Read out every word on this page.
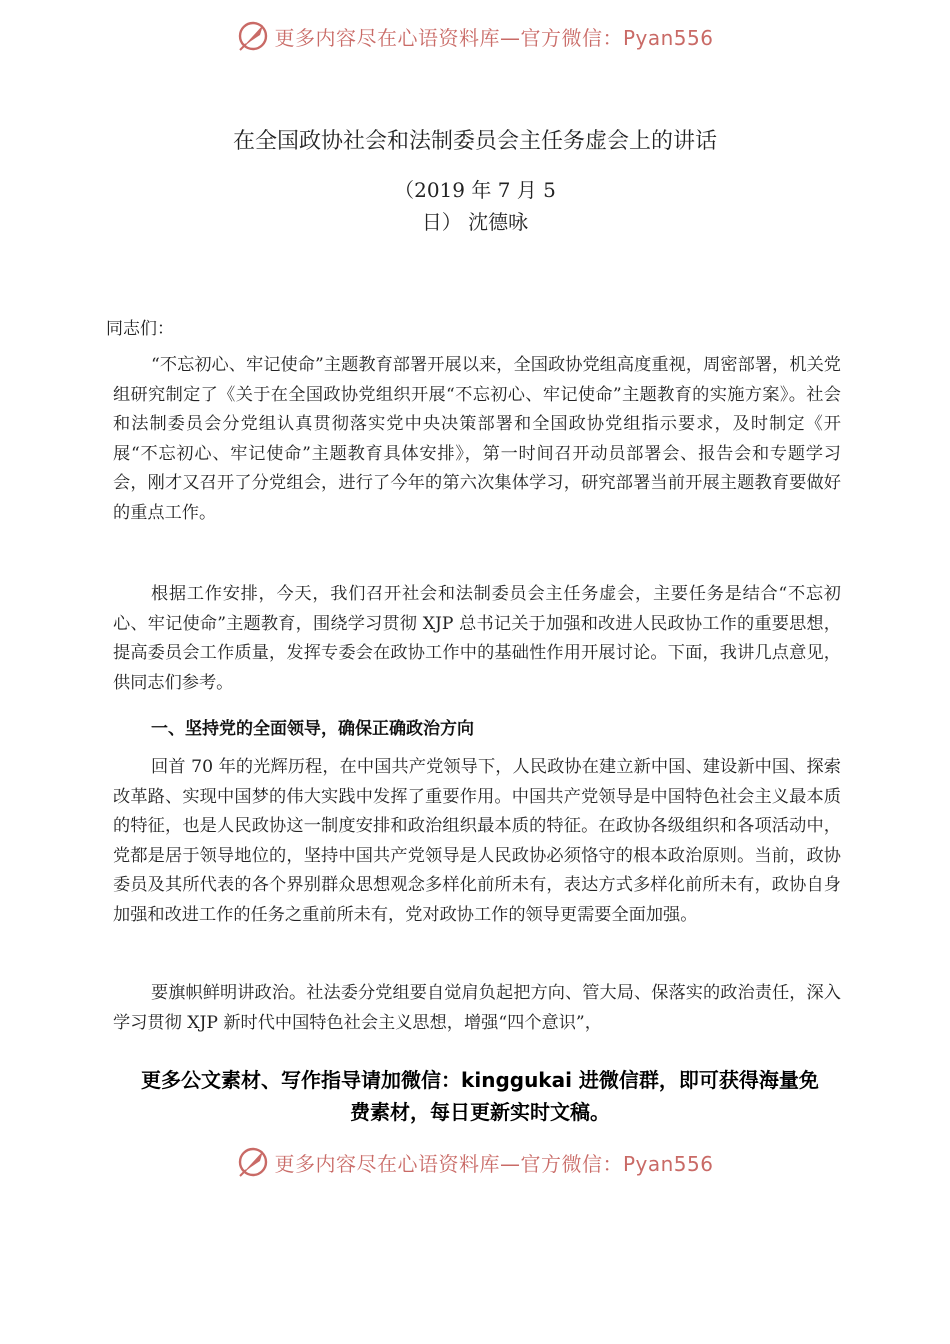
更多内容尽在心语资料库—官方微信：Pyan556
在全国政协社会和法制委员会主任务虚会上的讲话
（2019 年 7 月 5
日） 沈德咏
同志们：

“不忘初心、牢记使命”主题教育部署开展以来，全国政协党组高度重视，周密部署，机关党组研究制定了《关于在全国政协党组织开展“不忘初心、牢记使命”主题教育的实施方案》。社会和法制委员会分党组认真贯彻落实党中央决策部署和全国政协党组指示要求，及时制定《开展“不忘初心、牢记使命”主题教育具体安排》，第一时间召开动员部署会、报告会和专题学习会，刚才又召开了分党组会，进行了今年的第六次集体学习，研究部署当前开展主题教育要做好的重点工作。

根据工作安排，今天，我们召开社会和法制委员会主任务虚会，主要任务是结合“不忘初心、牢记使命”主题教育，围绕学习贯彻 XJP 总书记关于加强和改进人民政协工作的重要思想，提高委员会工作质量，发挥专委会在政协工作中的基础性作用开展讨论。下面，我讲几点意见，供同志们参考。

一、坚持党的全面领导，确保正确政治方向

回首 70 年的光辉历程，在中国共产党领导下，人民政协在建立新中国、建设新中国、探索改革路、实现中国梦的伟大实践中发挥了重要作用。中国共产党领导是中国特色社会主义最本质的特征，也是人民政协这一制度安排和政治组织最本质的特征。在政协各级组织和各项活动中，党都是居于领导地位的，坚持中国共产党领导是人民政协必须恪守的根本政治原则。当前，政协委员及其所代表的各个界别群众思想观念多样化前所未有，表达方式多样化前所未有，政协自身加强和改进工作的任务之重前所未有，党对政协工作的领导更需要全面加强。

要旗帜鲜明讲政治。社法委分党组要自觉肩负起把方向、管大局、保落实的政治责任，深入学习贯彻 XJP 新时代中国特色社会主义思想，增强“四个意识”，

更多公文素材、写作指导请加微信：kinggukai 进微信群，即可获得海量免
费素材，每日更新实时文稿。
更多内容尽在心语资料库—官方微信：Pyan556
